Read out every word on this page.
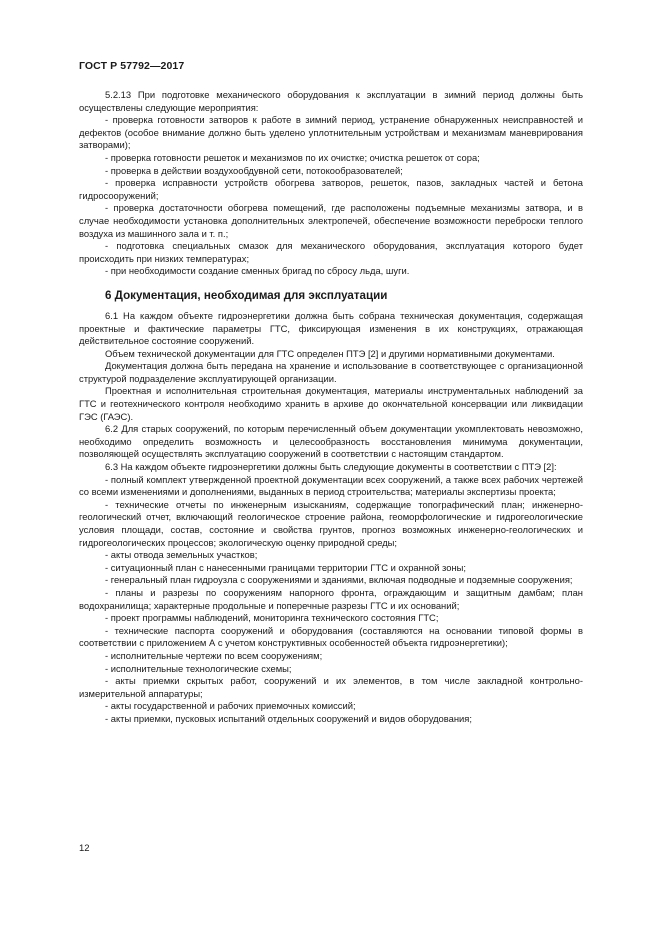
ГОСТ Р 57792—2017

5.2.13 При подготовке механического оборудования к эксплуатации в зимний период должны быть осуществлены следующие мероприятия:

- проверка готовности затворов к работе в зимний период, устранение обнаруженных неисправностей и дефектов (особое внимание должно быть уделено уплотнительным устройствам и механизмам маневрирования затворами);

- проверка готовности решеток и механизмов по их очистке; очистка решеток от сора;

- проверка в действии воздухообдувной сети, потокообразователей;

- проверка исправности устройств обогрева затворов, решеток, пазов, закладных частей и бетона гидросооружений;

- проверка достаточности обогрева помещений, где расположены подъемные механизмы затвора, и в случае необходимости установка дополнительных электропечей, обеспечение возможности переброски теплого воздуха из машинного зала и т. п.;

- подготовка специальных смазок для механического оборудования, эксплуатация которого будет происходить при низких температурах;

- при необходимости создание сменных бригад по сбросу льда, шуги.

6 Документация, необходимая для эксплуатации

6.1 На каждом объекте гидроэнергетики должна быть собрана техническая документация, содержащая проектные и фактические параметры ГТС, фиксирующая изменения в их конструкциях, отражающая действительное состояние сооружений.

Объем технической документации для ГТС определен ПТЭ [2] и другими нормативными документами.

Документация должна быть передана на хранение и использование в соответствующее с организационной структурой подразделение эксплуатирующей организации.

Проектная и исполнительная строительная документация, материалы инструментальных наблюдений за ГТС и геотехнического контроля необходимо хранить в архиве до окончательной консервации или ликвидации ГЭС (ГАЭС).

6.2 Для старых сооружений, по которым перечисленный объем документации укомплектовать невозможно, необходимо определить возможность и целесообразность восстановления минимума документации, позволяющей осуществлять эксплуатацию сооружений в соответствии с настоящим стандартом.

6.3 На каждом объекте гидроэнергетики должны быть следующие документы в соответствии с ПТЭ [2]:

- полный комплект утвержденной проектной документации всех сооружений, а также всех рабочих чертежей со всеми изменениями и дополнениями, выданных в период строительства; материалы экспертизы проекта;

- технические отчеты по инженерным изысканиям, содержащие топографический план; инженерно-геологический отчет, включающий геологическое строение района, геоморфологические и гидрогеологические условия площади, состав, состояние и свойства грунтов, прогноз возможных инженерно-геологических и гидрогеологических процессов; экологическую оценку природной среды;

- акты отвода земельных участков;

- ситуационный план с нанесенными границами территории ГТС и охранной зоны;

- генеральный план гидроузла с сооружениями и зданиями, включая подводные и подземные сооружения;

- планы и разрезы по сооружениям напорного фронта, ограждающим и защитным дамбам; план водохранилища; характерные продольные и поперечные разрезы ГТС и их оснований;

- проект программы наблюдений, мониторинга технического состояния ГТС;

- технические паспорта сооружений и оборудования (составляются на основании типовой формы в соответствии с приложением А с учетом конструктивных особенностей объекта гидроэнергетики);

- исполнительные чертежи по всем сооружениям;

- исполнительные технологические схемы;

- акты приемки скрытых работ, сооружений и их элементов, в том числе закладной контрольноизмерительной аппаратуры;

- акты государственной и рабочих приемочных комиссий;

- акты приемки, пусковых испытаний отдельных сооружений и видов оборудования;

12
